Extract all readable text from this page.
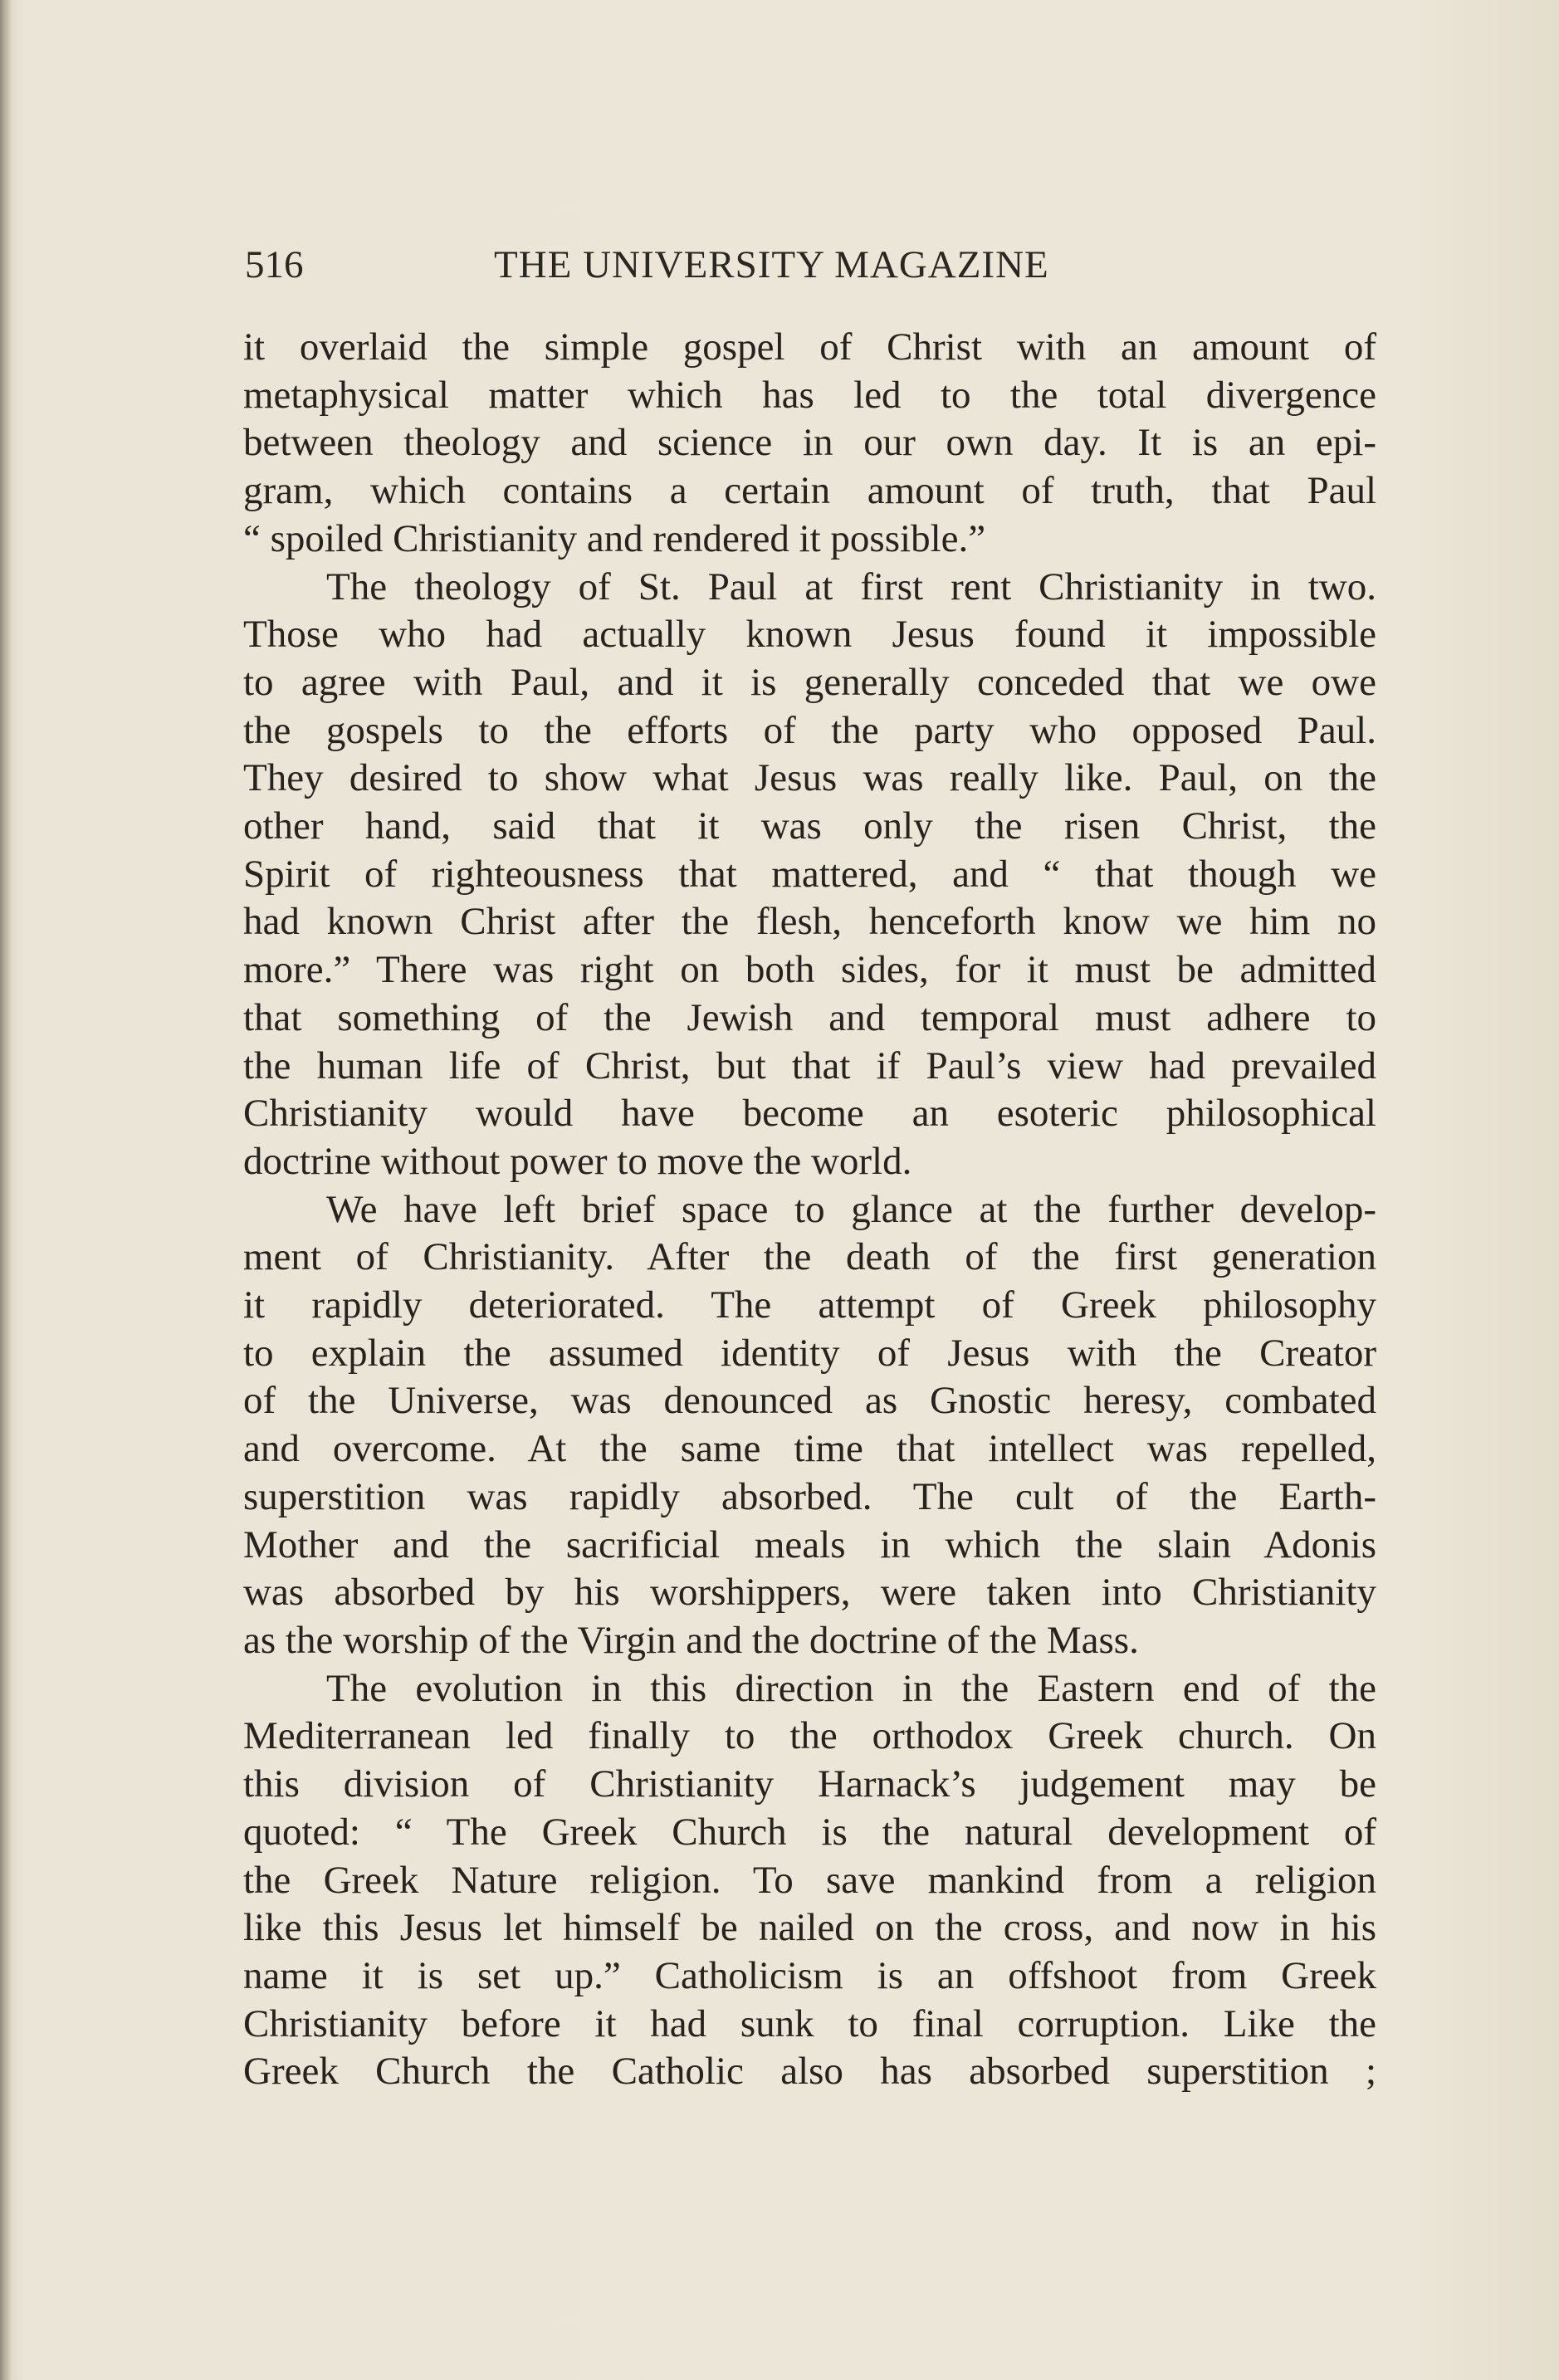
516	THE UNIVERSITY MAGAZINE
it overlaid the simple gospel of Christ with an amount of
metaphysical matter which has led to the total divergence
between theology and science in our own day. It is an epi-
gram, which contains a certain amount of truth, that Paul
“ spoiled Christianity and rendered it possible.”
The theology of St. Paul at first rent Christianity in two.
Those who had actually known Jesus found it impossible
to agree with Paul, and it is generally conceded that we owe
the gospels to the efforts of the party who opposed Paul.
They desired to show what Jesus was really like. Paul, on the
other hand, said that it was only the risen Christ, the
Spirit of righteousness that mattered, and “ that though we
had known Christ after the flesh, henceforth know we him no
more.” There was right on both sides, for it must be admitted
that something of the Jewish and temporal must adhere to
the human life of Christ, but that if Paul’s view had prevailed
Christianity would have become an esoteric philosophical
doctrine without power to move the world.
We have left brief space to glance at the further develop-
ment of Christianity. After the death of the first generation
it rapidly deteriorated. The attempt of Greek philosophy
to explain the assumed identity of Jesus with the Creator
of the Universe, was denounced as Gnostic heresy, combated
and overcome. At the same time that intellect was repelled,
superstition was rapidly absorbed. The cult of the Earth-
Mother and the sacrificial meals in which the slain Adonis
was absorbed by his worshippers, were taken into Christianity
as the worship of the Virgin and the doctrine of the Mass.
The evolution in this direction in the Eastern end of the
Mediterranean led finally to the orthodox Greek church. On
this division of Christianity Harnack’s judgement may be
quoted: “ The Greek Church is the natural development of
the Greek Nature religion. To save mankind from a religion
like this Jesus let himself be nailed on the cross, and now in his
name it is set up.” Catholicism is an offshoot from Greek
Christianity before it had sunk to final corruption. Like the
Greek Church the Catholic also has absorbed superstition ;
